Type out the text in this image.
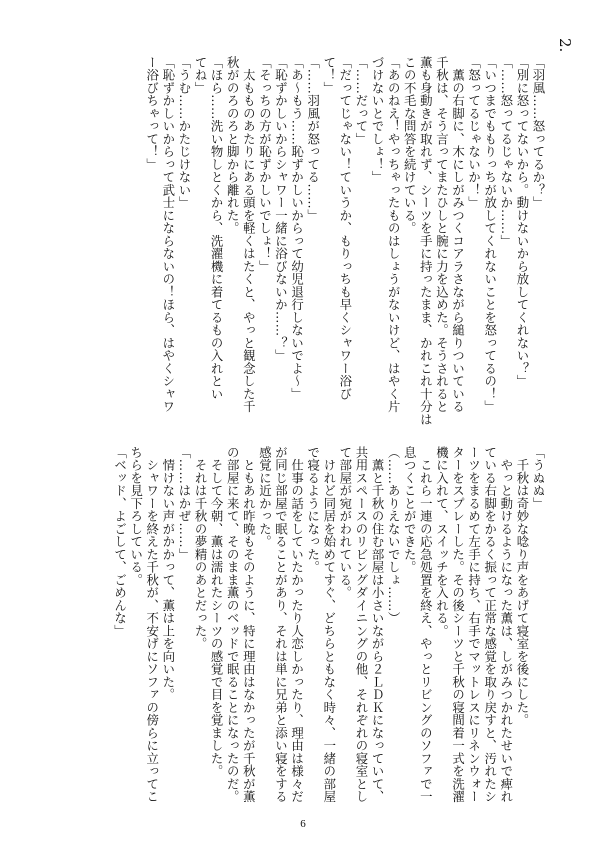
2.
「羽風……怒ってるか？」
「別に怒ってないから。動けないから放してくれない？」
「……怒ってるじゃないか……」
「いつまでももりっちが放してくれないことを怒ってるの！」
「怒ってるじゃないか！」
　薫の右脚に、木にしがみつくコアラさながら縋りついている
千秋は、そう言ってまたひしと腕に力を込めた。そうされると
薫も身動きが取れず、シーツを手に持ったまま、かれこれ十分は
この不毛な問答を続けている。
「あのねえ！やっちゃったものはしょうがないけど、はやく片
づけないとでしょ！」
「……だって」
「だってじゃない！ていうか、もりっちも早くシャワー浴び
て！」
「……羽風が怒ってる……」
「あ〜もう……恥ずかしいからって幼児退行しないでよ〜」
「恥ずかしいからシャワー一緒に浴びないか……？」
「そっちの方が恥ずかしいでしょ！」
　太もものあたりにある頭を軽くはたくと、やっと観念した千
秋がのろのろと脚から離れた。
「ほら……洗い物しとくから、洗濯機に着てるもの入れとい
てね」
「うむ……かたじけない」
「恥ずかしいからって武士にならないの！ほら、はやくシャワ
ー浴びちゃって！」
「うぬぬ」
　千秋は奇妙な唸り声をあげて寝室を後にした。
　やっと動けるようになった薫は、しがみつかれたせいで痺れ
ている右脚をかるく振って正常な感覚を取り戻すと、汚れたシ
ーツをまるめて左手に持ち、右手でマットレスにリネンウォー
ターをスプレーした。その後シーツと千秋の寝間着一式を洗濯
機に入れて、スイッチを入れる。
　これら一連の応急処置を終え、やっとリビングのソファで一
息つくことができた。
（……ありえないでしょ……）
　薫と千秋の住む部屋は小さいながら２ＬＤＫになっていて、
共用スペースのリビングダイニングの他、それぞれの寝室とし
て部屋が宛がわれている。
　けれど同居を始めてすぐ、どちらともなく時々、一緒の部屋
で寝るようになった。
　仕事の話をしていたかったり人恋しかったり、理由は様々だ
が同じ部屋で眠ることがあり、それは単に兄弟と添い寝をする
感覚に近かった。
　ともあれ昨晩もそのように、特に理由はなかったが千秋が薫
の部屋に来て、そのまま薫のベッドで眠ることになったのだ。
　そして今朝、薫は濡れたシーツの感覚で目を覚ました。
　それは千秋の夢精のあとだった。
「……はかぜ……」
　情けない声がかかって、薫は上を向いた。
　シャワーを終えた千秋が、不安げにソファの傍らに立ってこ
ちらを見下ろしている。
「ベッド、よごして、ごめんな」
6
